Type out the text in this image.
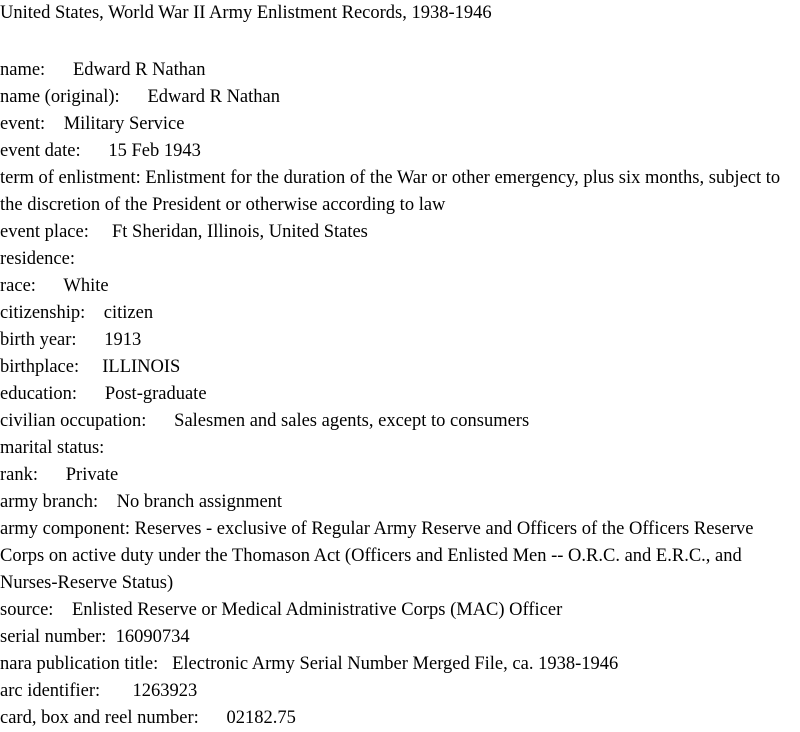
United States, World War II Army Enlistment Records, 1938-1946
name: Edward R Nathan
name (original): Edward R Nathan
event: Military Service
event date: 15 Feb 1943
term of enlistment: Enlistment for the duration of the War or other emergency, plus six months, subject to the discretion of the President or otherwise according to law
event place: Ft Sheridan, Illinois, United States
residence:
race: White
citizenship: citizen
birth year: 1913
birthplace: ILLINOIS
education: Post-graduate
civilian occupation: Salesmen and sales agents, except to consumers
marital status:
rank: Private
army branch: No branch assignment
army component: Reserves - exclusive of Regular Army Reserve and Officers of the Officers Reserve Corps on active duty under the Thomason Act (Officers and Enlisted Men -- O.R.C. and E.R.C., and Nurses-Reserve Status)
source: Enlisted Reserve or Medical Administrative Corps (MAC) Officer
serial number: 16090734
nara publication title: Electronic Army Serial Number Merged File, ca. 1938-1946
arc identifier: 1263923
card, box and reel number: 02182.75
